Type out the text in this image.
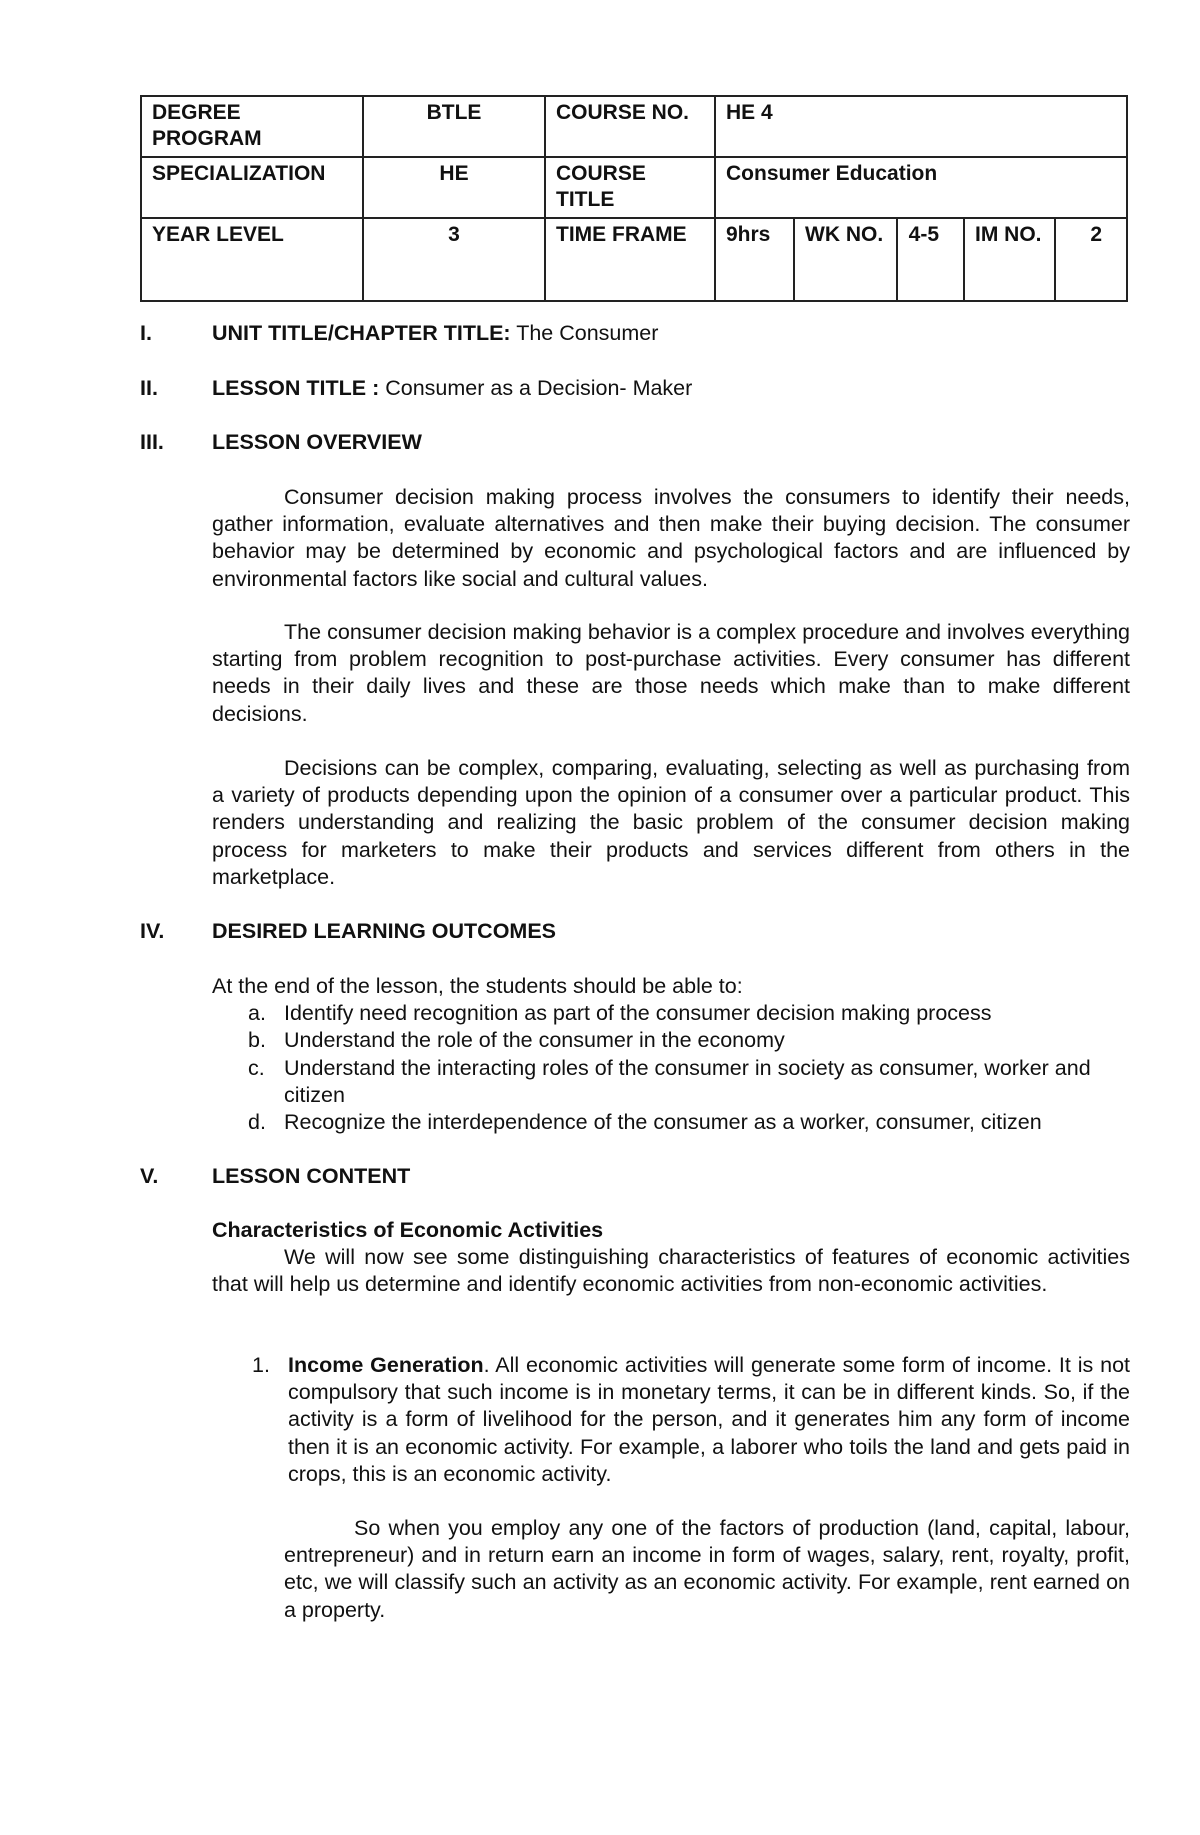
DEGREE PROGRAM	BTLE	COURSE NO.	HE 4				
SPECIALIZATION	HE	COURSE TITLE	Consumer Education				
YEAR LEVEL	3	TIME FRAME	9hrs	WK NO.	4-5	IM NO.	2
I.	UNIT TITLE/CHAPTER TITLE: The Consumer
II.	LESSON TITLE : Consumer as a Decision- Maker
III. LESSON OVERVIEW
Consumer decision making process involves the consumers to identify their needs, gather information, evaluate alternatives and then make their buying decision. The consumer behavior may be determined by economic and psychological factors and are influenced by environmental factors like social and cultural values.
The consumer decision making behavior is a complex procedure and involves everything starting from problem recognition to post-purchase activities. Every consumer has different needs in their daily lives and these are those needs which make than to make different decisions.
Decisions can be complex, comparing, evaluating, selecting as well as purchasing from a variety of products depending upon the opinion of a consumer over a particular product. This renders understanding and realizing the basic problem of the consumer decision making process for marketers to make their products and services different from others in the marketplace.
IV. DESIRED LEARNING OUTCOMES
At the end of the lesson, the students should be able to:
a. Identify need recognition as part of the consumer decision making process
b. Understand the role of the consumer in the economy
c. Understand the interacting roles of the consumer in society as consumer, worker and citizen
d. Recognize the interdependence of the consumer as a worker, consumer, citizen
V. LESSON CONTENT
Characteristics of Economic Activities
We will now see some distinguishing characteristics of features of economic activities that will help us determine and identify economic activities from non-economic activities.
1. Income Generation. All economic activities will generate some form of income. It is not compulsory that such income is in monetary terms, it can be in different kinds. So, if the activity is a form of livelihood for the person, and it generates him any form of income then it is an economic activity. For example, a laborer who toils the land and gets paid in crops, this is an economic activity.
So when you employ any one of the factors of production (land, capital, labour, entrepreneur) and in return earn an income in form of wages, salary, rent, royalty, profit, etc, we will classify such an activity as an economic activity. For example, rent earned on a property.
